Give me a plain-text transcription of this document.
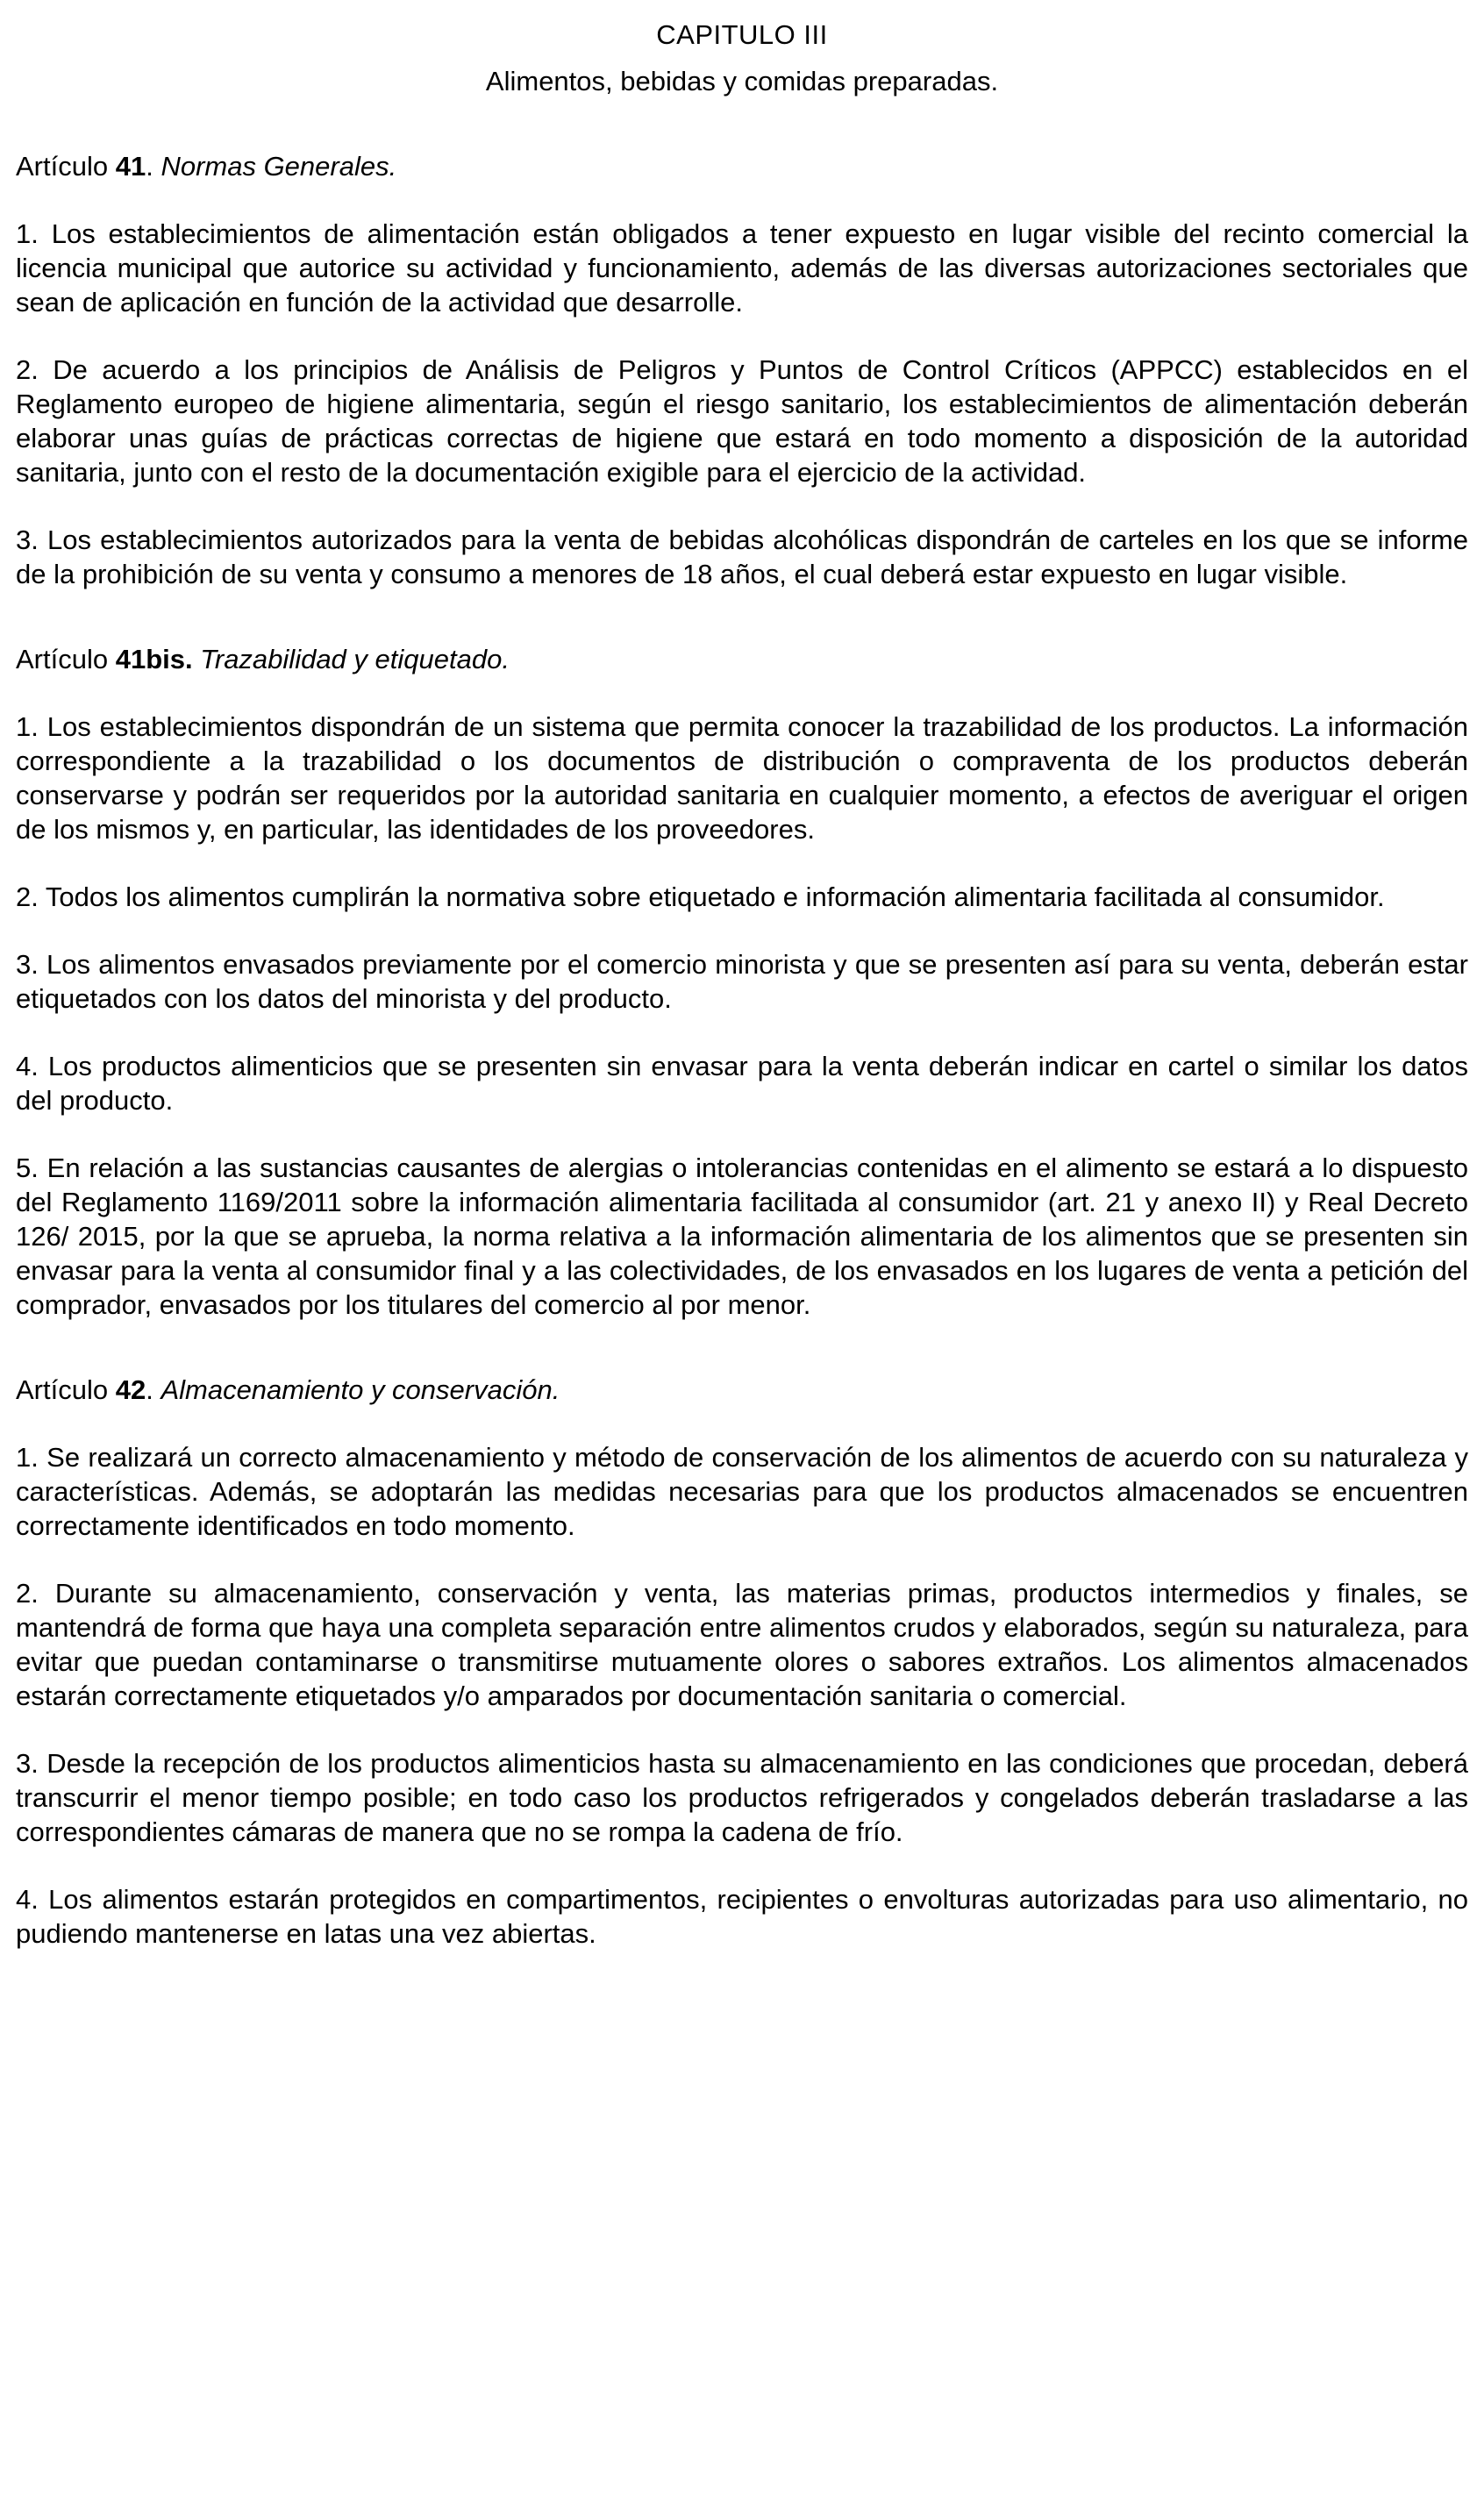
CAPITULO III

Alimentos, bebidas y comidas preparadas.

Artículo 41. Normas Generales.

1. Los establecimientos de alimentación están obligados a tener expuesto en lugar visible del recinto comercial la licencia municipal que autorice su actividad y funcionamiento, además de las diversas autorizaciones sectoriales que sean de aplicación en función de la actividad que desarrolle.

2. De acuerdo a los principios de Análisis de Peligros y Puntos de Control Críticos (APPCC) establecidos en el Reglamento europeo de higiene alimentaria, según el riesgo sanitario, los establecimientos de alimentación deberán elaborar unas guías de prácticas correctas de higiene que estará en todo momento a disposición de la autoridad sanitaria, junto con el resto de la documentación exigible para el ejercicio de la actividad.

3. Los establecimientos autorizados para la venta de bebidas alcohólicas dispondrán de carteles en los que se informe de la prohibición de su venta y consumo a menores de 18 años, el cual deberá estar expuesto en lugar visible.

Artículo 41bis. Trazabilidad y etiquetado.

1. Los establecimientos dispondrán de un sistema que permita conocer la trazabilidad de los productos. La información correspondiente a la trazabilidad o los documentos de distribución o compraventa de los productos deberán conservarse y podrán ser requeridos por la autoridad sanitaria en cualquier momento, a efectos de averiguar el origen de los mismos y, en particular, las identidades de los proveedores.

2. Todos los alimentos cumplirán la normativa sobre etiquetado e información alimentaria facilitada al consumidor.

3. Los alimentos envasados previamente por el comercio minorista y que se presenten así para su venta, deberán estar etiquetados con los datos del minorista y del producto.

4. Los productos alimenticios que se presenten sin envasar para la venta deberán indicar en cartel o similar los datos del producto.

5. En relación a las sustancias causantes de alergias o intolerancias contenidas en el alimento se estará a lo dispuesto del Reglamento 1169/2011 sobre la información alimentaria facilitada al consumidor (art. 21 y anexo II) y Real Decreto 126/ 2015, por la que se aprueba, la norma relativa a la información alimentaria de los alimentos que se presenten sin envasar para la venta al consumidor final y a las colectividades, de los envasados en los lugares de venta a petición del comprador, envasados por los titulares del comercio al por menor.

Artículo 42. Almacenamiento y conservación.

1. Se realizará un correcto almacenamiento y método de conservación de los alimentos de acuerdo con su naturaleza y características. Además, se adoptarán las medidas necesarias para que los productos almacenados se encuentren correctamente identificados en todo momento.

2. Durante su almacenamiento, conservación y venta, las materias primas, productos intermedios y finales, se mantendrá de forma que haya una completa separación entre alimentos crudos y elaborados, según su naturaleza, para evitar que puedan contaminarse o transmitirse mutuamente olores o sabores extraños. Los alimentos almacenados estarán correctamente etiquetados y/o amparados por documentación sanitaria o comercial.

3. Desde la recepción de los productos alimenticios hasta su almacenamiento en las condiciones que procedan, deberá transcurrir el menor tiempo posible; en todo caso los productos refrigerados y congelados deberán trasladarse a las correspondientes cámaras de manera que no se rompa la cadena de frío.

4. Los alimentos estarán protegidos en compartimentos, recipientes o envolturas autorizadas para uso alimentario, no pudiendo mantenerse en latas una vez abiertas.
